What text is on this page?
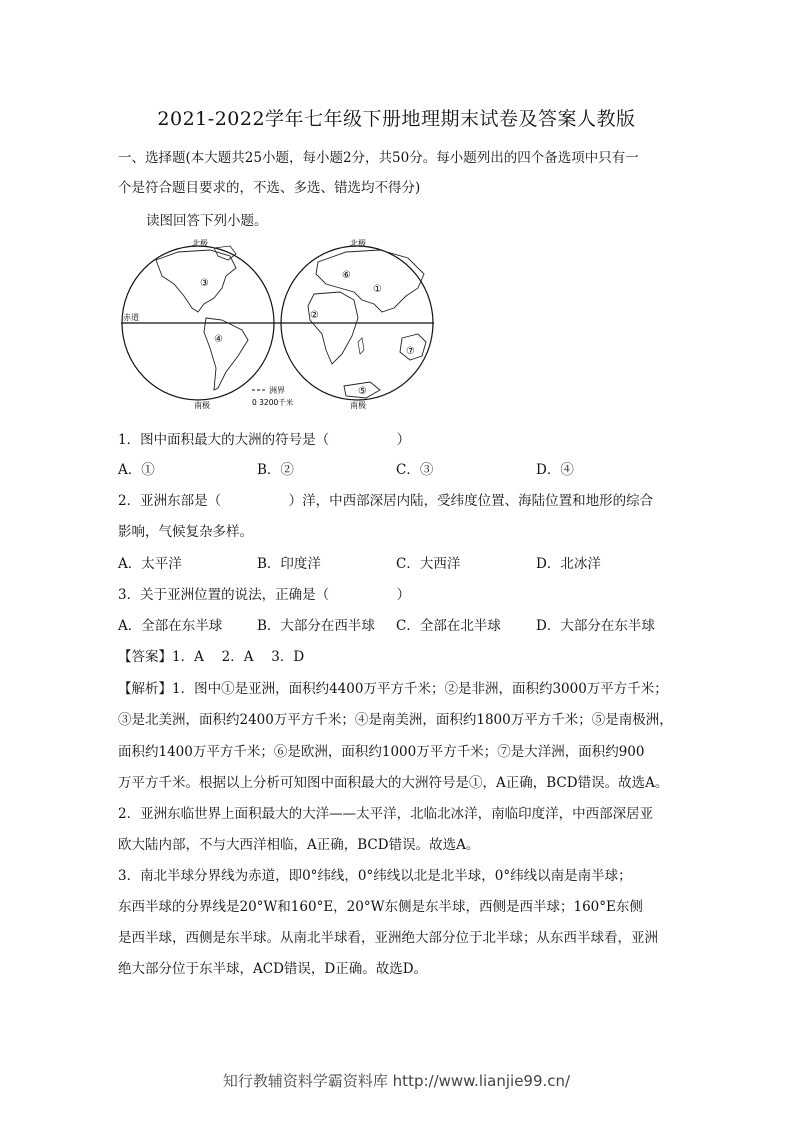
2021-2022学年七年级下册地理期末试卷及答案人教版
一、选择题(本大题共25小题，每小题2分，共50分。每小题列出的四个备选项中只有一
个是符合题目要求的，不选、多选、错选均不得分)
读图回答下列小题。
①
②
③
④
⑤
⑥
⑦
北极	北极
南极	南极
赤道
洲界
0 3200千米
1．图中面积最大的大洲的符号是（　　　　　）
A．①	B．②	C．③	D．④
2．亚洲东部是（　　　　　）洋，中西部深居内陆，受纬度位置、海陆位置和地形的综合
影响，气候复杂多样。
A．太平洋	B．印度洋	C．大西洋	D．北冰洋
3．关于亚洲位置的说法，正确是（　　　　　）
A．全部在东半球	B．大部分在西半球 C．全部在北半球	D．大部分在东半球
【答案】1．A　 2．A　 3．D
【解析】1．图中①是亚洲，面积约4400万平方千米；②是非洲，面积约3000万平方千米；
③是北美洲，面积约2400万平方千米；④是南美洲，面积约1800万平方千米；⑤是南极洲，
面积约1400万平方千米；⑥是欧洲，面积约1000万平方千米；⑦是大洋洲，面积约900
万平方千米。根据以上分析可知图中面积最大的大洲符号是①，A正确，BCD错误。故选A。
2．亚洲东临世界上面积最大的大洋——太平洋，北临北冰洋，南临印度洋，中西部深居亚
欧大陆内部，不与大西洋相临，A正确，BCD错误。故选A。
3．南北半球分界线为赤道，即0°纬线，0°纬线以北是北半球，0°纬线以南是南半球；
东西半球的分界线是20°W和160°E，20°W东侧是东半球，西侧是西半球；160°E东侧
是西半球，西侧是东半球。从南北半球看，亚洲绝大部分位于北半球；从东西半球看，亚洲
绝大部分位于东半球，ACD错误，D正确。故选D。
知行教辅资料学霸资料库 http://www.lianjie99.cn/
